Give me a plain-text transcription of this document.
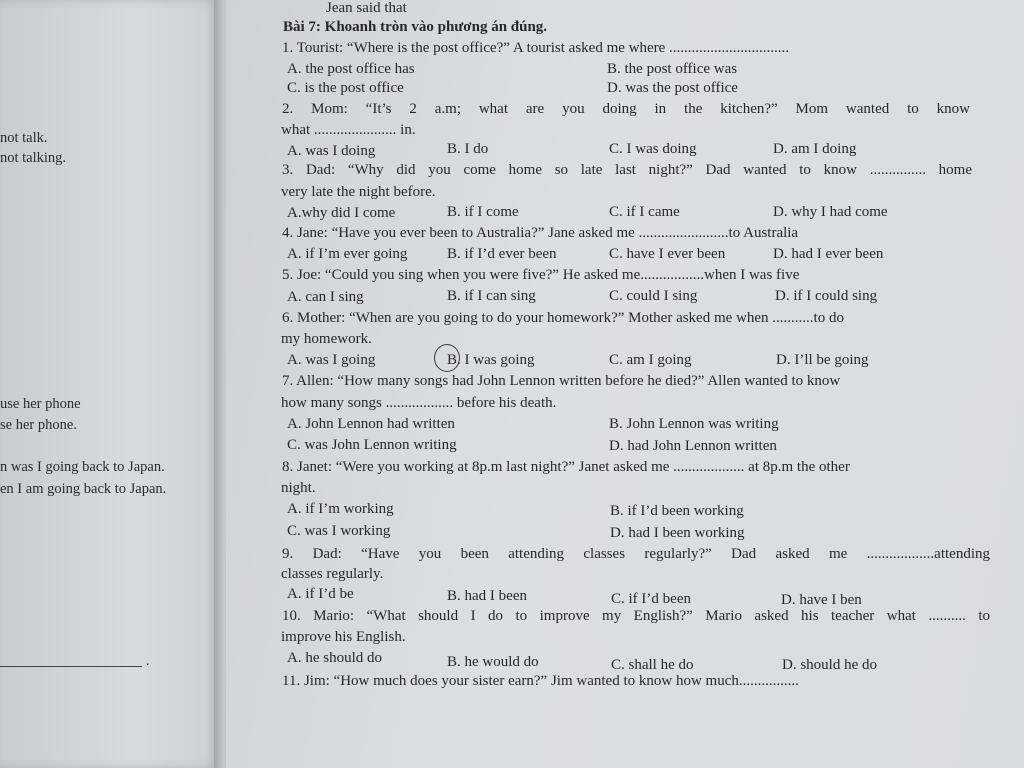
not talk.
not talking.
use her phone
se her phone.
n was I going back to Japan.
en I am going back to Japan.
.
Jean said that
Bài 7: Khoanh tròn vào phương án đúng.
1. Tourist: “Where is the post office?” A tourist asked me where ................................
A. the post office has	B. the post office was
C. is the post office	D. was the post office
2. Mom: “It’s 2 a.m; what are you doing in the kitchen?” Mom wanted to know
what ...................... in.
A. was I doing	B. I do	C. I was doing	D. am I doing
3. Dad: “Why did you come home so late last night?” Dad wanted to know ............... home
very late the night before.
A.why did I come	B. if I come	C. if I came	D. why I had come
4. Jane: “Have you ever been to Australia?” Jane asked me ........................to Australia
A. if I’m ever going	B. if I’d ever been	C. have I ever been	D. had I ever been
5. Joe: “Could you sing when you were five?” He asked me.................when I was five
A. can I sing	B. if I can sing	C. could I sing	D. if I could sing
6. Mother: “When are you going to do your homework?” Mother asked me when ...........to do
my homework.
A. was I going	B. I was going	C. am I going	D. I’ll be going
7. Allen: “How many songs had John Lennon written before he died?” Allen wanted to know
how many songs .................. before his death.
A. John Lennon had written	B. John Lennon was writing
C. was John Lennon writing	D. had John Lennon written
8. Janet: “Were you working at 8p.m last night?” Janet asked me ................... at 8p.m the other
night.
A. if I’m working	B. if I’d been working
C. was I working	D. had I been working
9. Dad: “Have you been attending classes regularly?” Dad asked me ..................attending
classes regularly.
A. if I’d be	B. had I been	C. if I’d been	D. have I ben
10. Mario: “What should I do to improve my English?” Mario asked his teacher what .......... to
improve his English.
A. he should do	B. he would do	C. shall he do	D. should he do
11. Jim: “How much does your sister earn?” Jim wanted to know how much................
